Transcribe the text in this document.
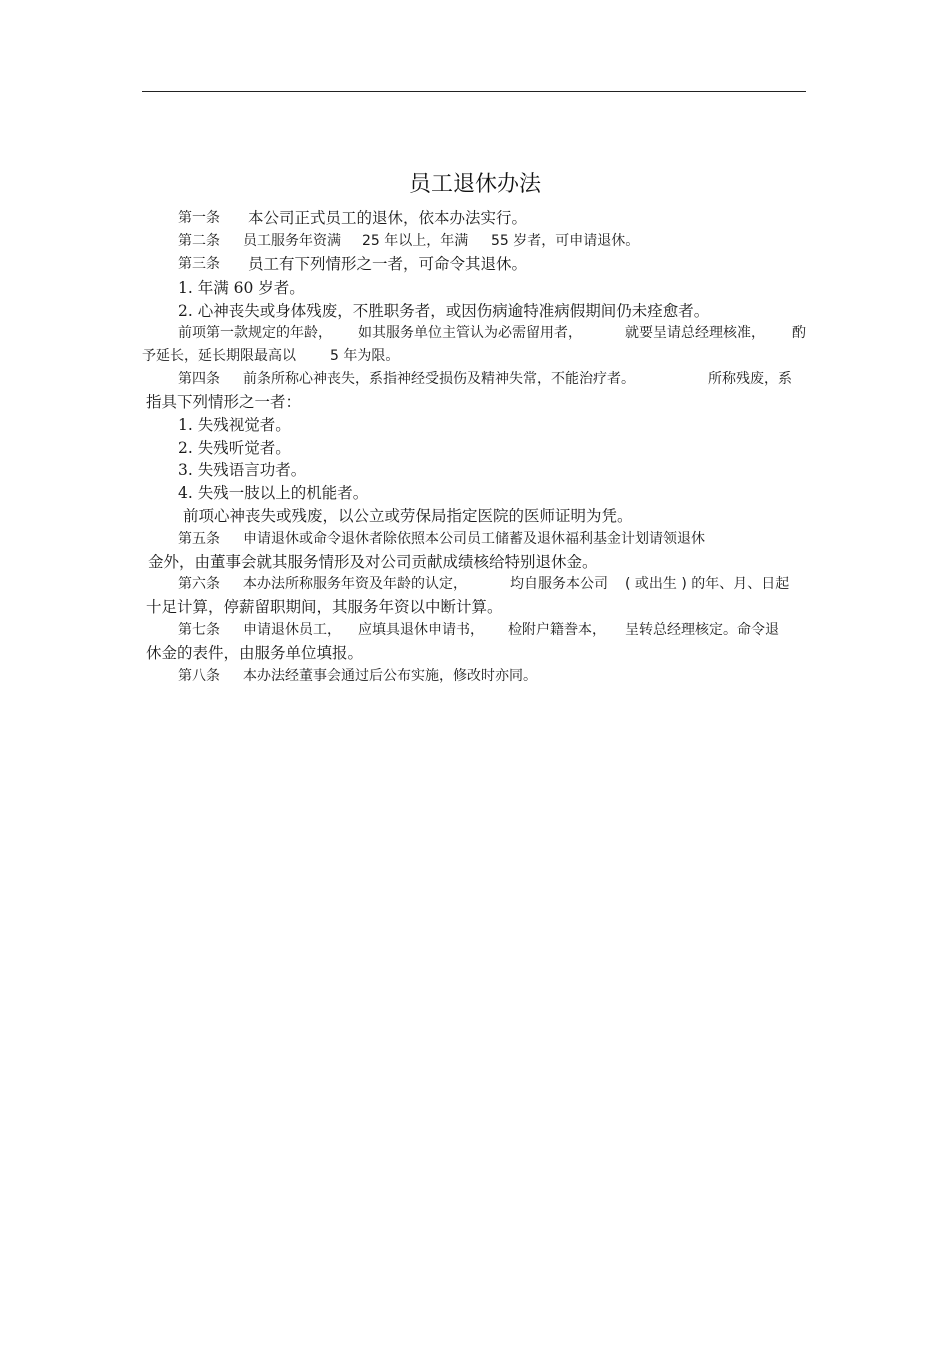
员工退休办法
第一条 本公司正式员工的退休，依本办法实行。
第二条 员工服务年资满 25 年以上，年满 55 岁者，可申请退休。
第三条 员工有下列情形之一者，可命令其退休。
1. 年满 60 岁者。
2. 心神丧失或身体残废，不胜职务者，或因伤病逾特准病假期间仍未痊愈者。
前项第一款规定的年龄， 如其服务单位主管认为必需留用者，	就要呈请总经理核准， 酌
予延长，延长期限最高以 5 年为限。
第四条 前条所称心神丧失，系指神经受损伤及精神失常，不能治疗者。	所称残废，系
指具下列情形之一者：
1. 失残视觉者。
2. 失残听觉者。
3. 失残语言功者。
4. 失残一肢以上的机能者。
前项心神丧失或残废，以公立或劳保局指定医院的医师证明为凭。
第五条 申请退休或命令退休者除依照本公司员工储蓄及退休福利基金计划请领退休
金外，由董事会就其服务情形及对公司贡献成绩核给特别退休金。
第六条 本办法所称服务年资及年龄的认定，	均自服务本公司 ( 或出生 ) 的年、月、日起
十足计算，停薪留职期间，其服务年资以中断计算。
第七条 申请退休员工， 应填具退休申请书， 检附户籍誊本， 呈转总经理核定。命令退
休金的表件，由服务单位填报。
第八条 本办法经董事会通过后公布实施，修改时亦同。
